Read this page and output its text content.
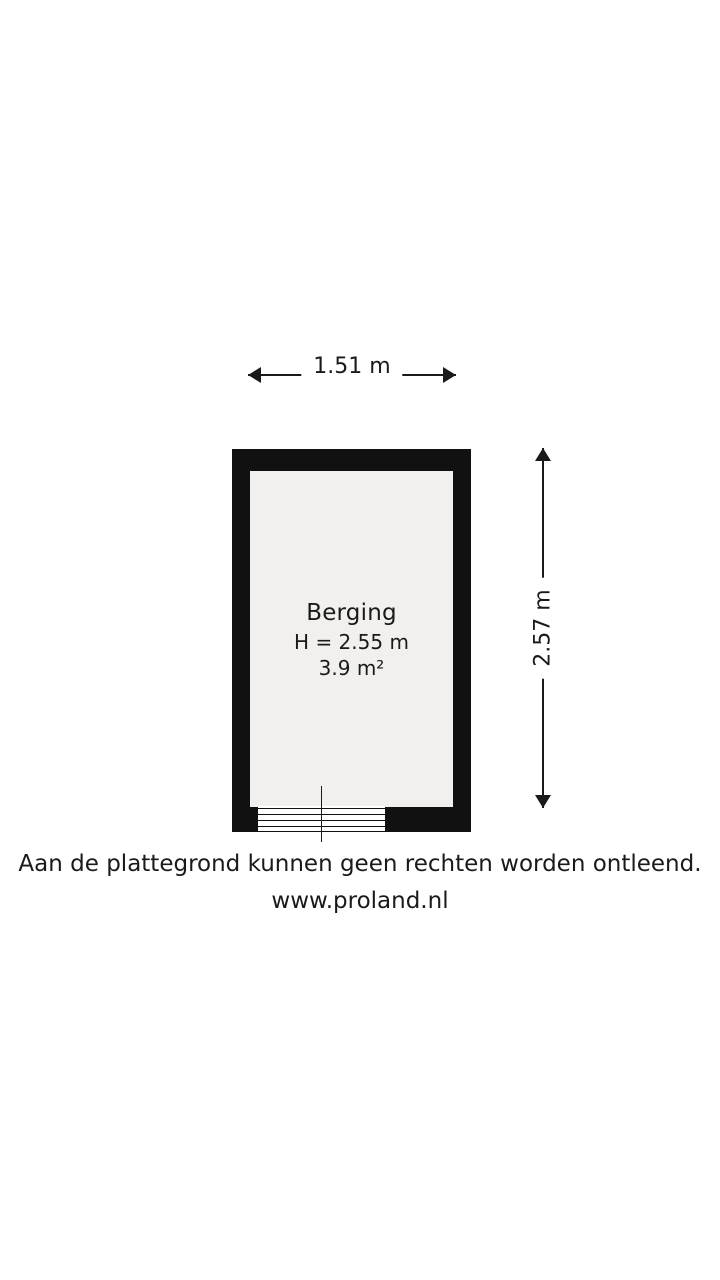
1.51 m
Berging
H = 2.55 m
3.9 m²
2.57 m
Aan de plattegrond kunnen geen rechten worden ontleend.
www.proland.nl
